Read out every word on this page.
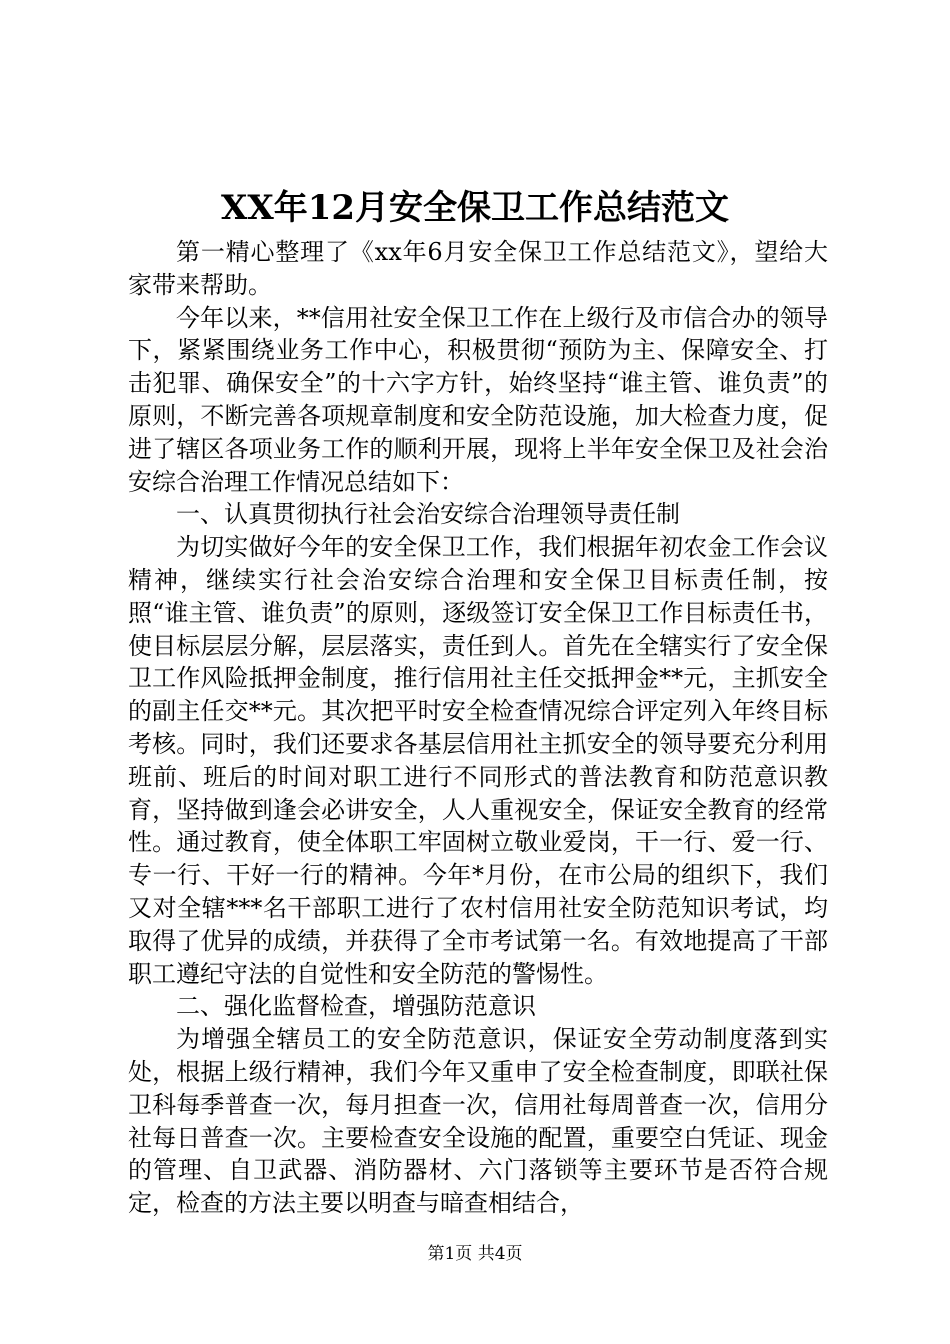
XX年12月安全保卫工作总结范文

第一精心整理了《xx年6月安全保卫工作总结范文》，望给大家带来帮助。

今年以来，**信用社安全保卫工作在上级行及市信合办的领导下，紧紧围绕业务工作中心，积极贯彻“预防为主、保障安全、打击犯罪、确保安全”的十六字方针，始终坚持“谁主管、谁负责”的原则，不断完善各项规章制度和安全防范设施，加大检查力度，促进了辖区各项业务工作的顺利开展，现将上半年安全保卫及社会治安综合治理工作情况总结如下：

一、认真贯彻执行社会治安综合治理领导责任制

为切实做好今年的安全保卫工作，我们根据年初农金工作会议精神，继续实行社会治安综合治理和安全保卫目标责任制，按照“谁主管、谁负责”的原则，逐级签订安全保卫工作目标责任书，使目标层层分解，层层落实，责任到人。首先在全辖实行了安全保卫工作风险抵押金制度，推行信用社主任交抵押金**元，主抓安全的副主任交**元。其次把平时安全检查情况综合评定列入年终目标考核。同时，我们还要求各基层信用社主抓安全的领导要充分利用班前、班后的时间对职工进行不同形式的普法教育和防范意识教育，坚持做到逢会必讲安全，人人重视安全，保证安全教育的经常性。通过教育，使全体职工牢固树立敬业爱岗，干一行、爱一行、专一行、干好一行的精神。今年*月份，在市公局的组织下，我们又对全辖***名干部职工进行了农村信用社安全防范知识考试，均取得了优异的成绩，并获得了全市考试第一名。有效地提高了干部职工遵纪守法的自觉性和安全防范的警惕性。

二、强化监督检查，增强防范意识

为增强全辖员工的安全防范意识，保证安全劳动制度落到实处，根据上级行精神，我们今年又重申了安全检查制度，即联社保卫科每季普查一次，每月担查一次，信用社每周普查一次，信用分社每日普查一次。主要检查安全设施的配置，重要空白凭证、现金的管理、自卫武器、消防器材、六门落锁等主要环节是否符合规定，检查的方法主要以明查与暗查相结合，

第1页 共4页
